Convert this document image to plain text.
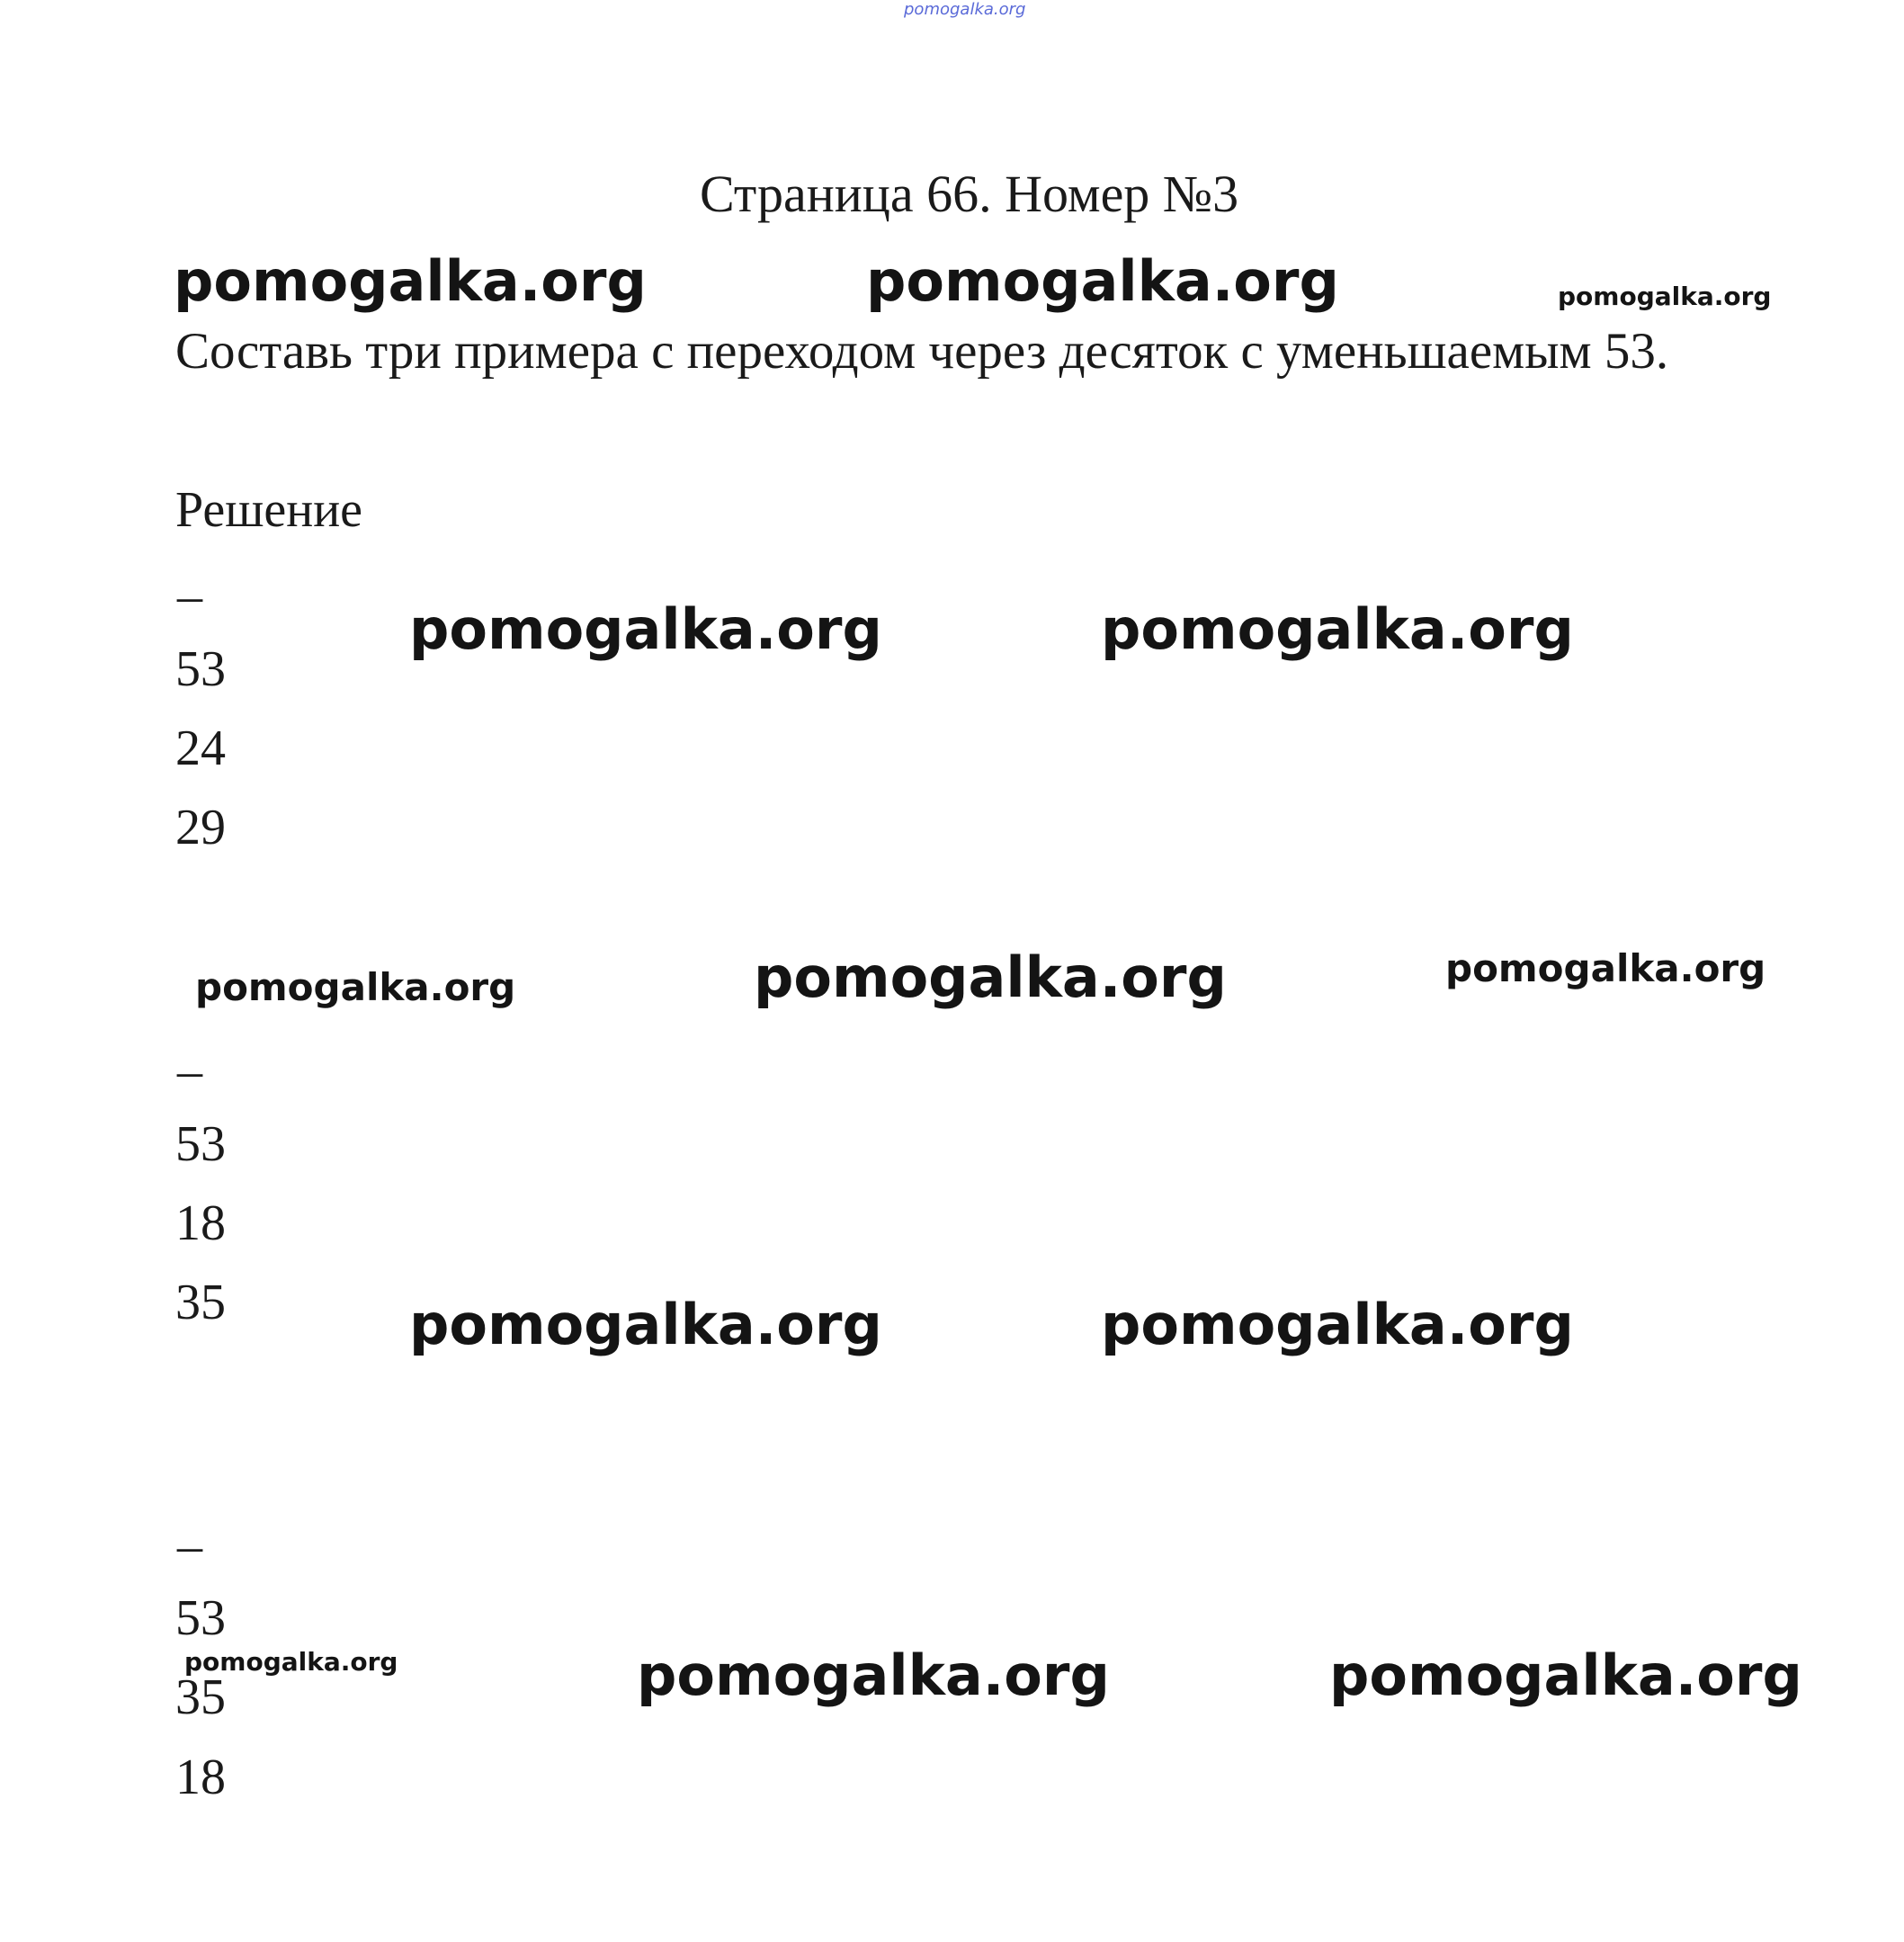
pomogalka.org
Страница 66. Номер №3
pomogalka.org	pomogalka.org	pomogalka.org
Составь три примера с переходом через десяток с уменьшаемым 53.
Решение
_
53
24
29
pomogalka.org	pomogalka.org
pomogalka.org	pomogalka.org	pomogalka.org
_
53
18
35	pomogalka.org	pomogalka.org
_
53
35
18
pomogalka.org	pomogalka.org	pomogalka.org
